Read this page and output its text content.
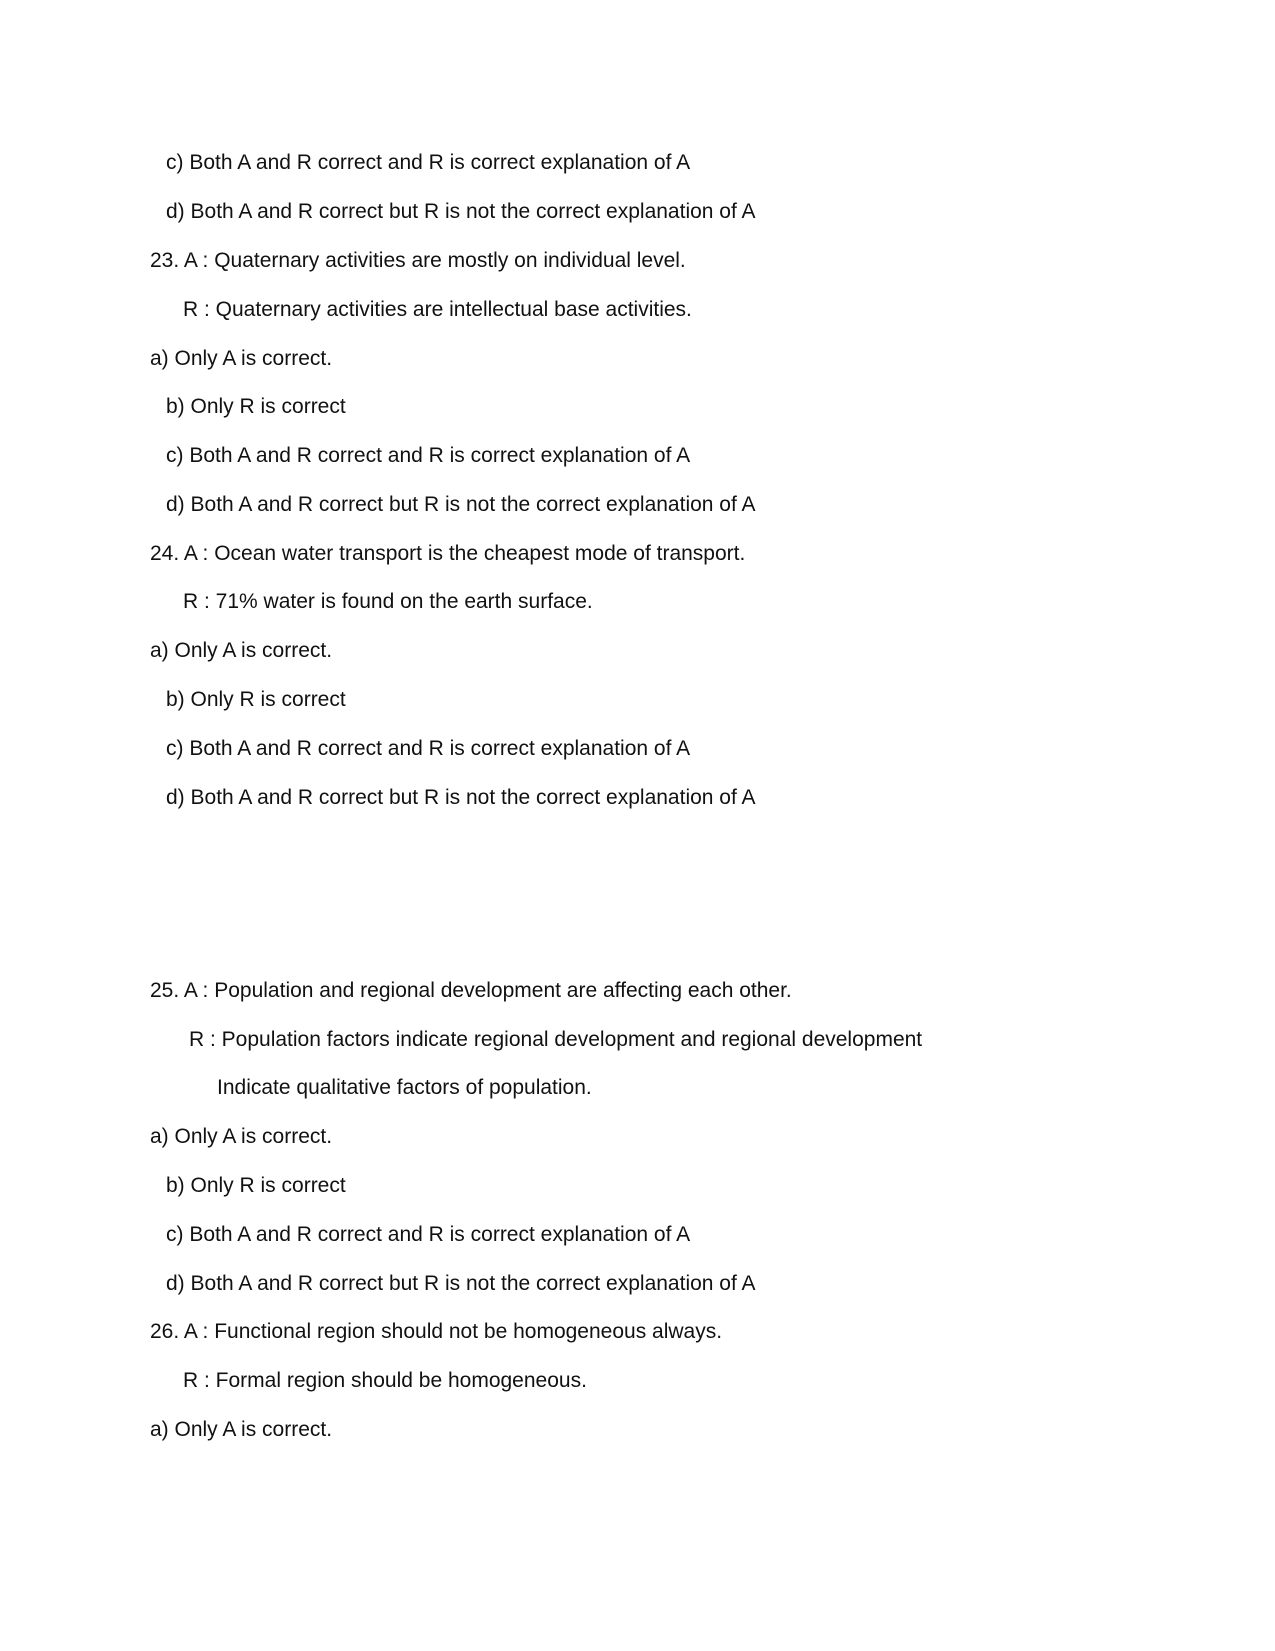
c) Both A and R correct and R is correct explanation of A
d) Both A and R correct but R is not the correct explanation of A
23. A : Quaternary activities are mostly on individual level.
R : Quaternary activities are intellectual base activities.
a) Only A is correct.
b) Only R is correct
c) Both A and R correct and R is correct explanation of A
d) Both A and R correct but R is not the correct explanation of A
24. A : Ocean water transport is the cheapest mode of transport.
R : 71% water is found on the earth surface.
a) Only A is correct.
b) Only R is correct
c) Both A and R correct and R is correct explanation of A
d) Both A and R correct but R is not the correct explanation of A
25. A : Population and regional development are affecting each other.
R : Population factors indicate regional development and regional development
Indicate qualitative factors of population.
a) Only A is correct.
b) Only R is correct
c) Both A and R correct and R is correct explanation of A
d) Both A and R correct but R is not the correct explanation of A
26. A : Functional region should not be homogeneous always.
R : Formal region should be homogeneous.
a) Only A is correct.
